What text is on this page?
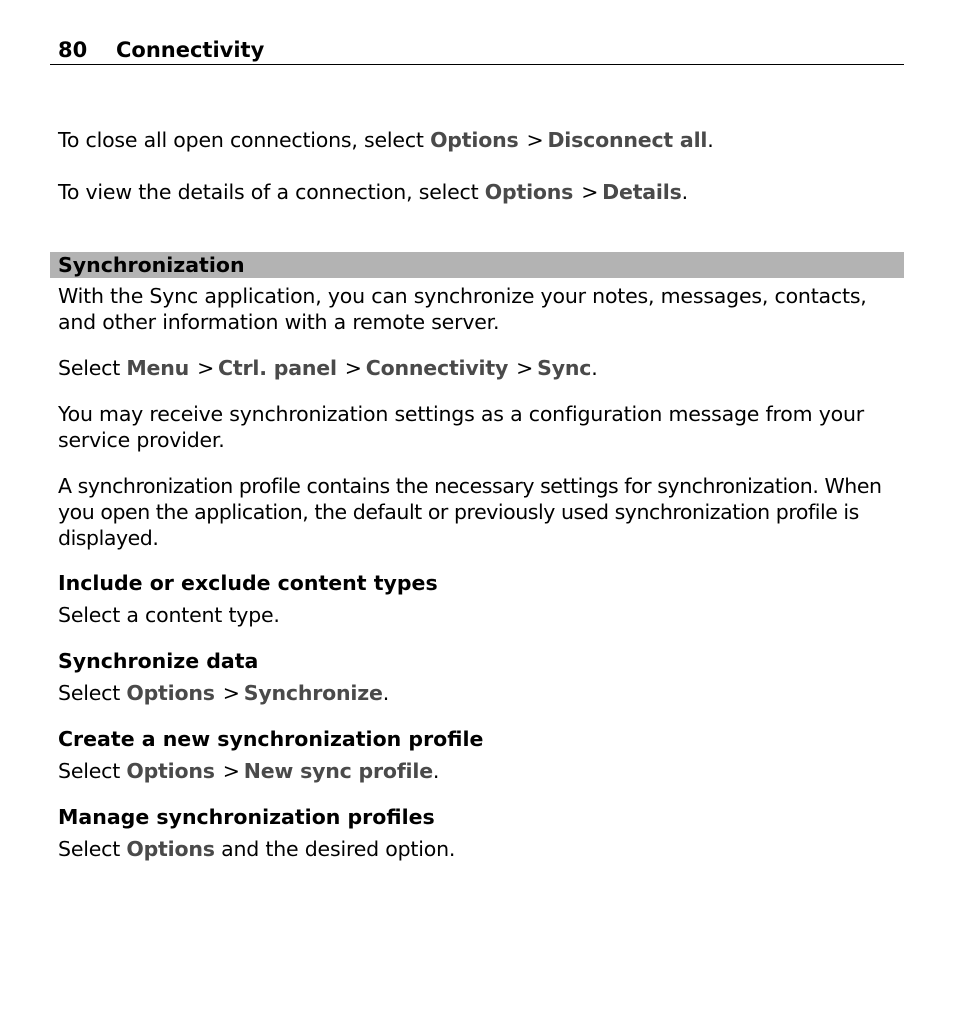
80 Connectivity

To close all open connections, select Options > Disconnect all.

To view the details of a connection, select Options > Details.

Synchronization

With the Sync application, you can synchronize your notes, messages, contacts, and other information with a remote server.

Select Menu > Ctrl. panel > Connectivity > Sync.

You may receive synchronization settings as a configuration message from your service provider.

A synchronization profile contains the necessary settings for synchronization. When you open the application, the default or previously used synchronization profile is displayed.

Include or exclude content types

Select a content type.

Synchronize data

Select Options > Synchronize.

Create a new synchronization profile

Select Options > New sync profile.

Manage synchronization profiles

Select Options and the desired option.
